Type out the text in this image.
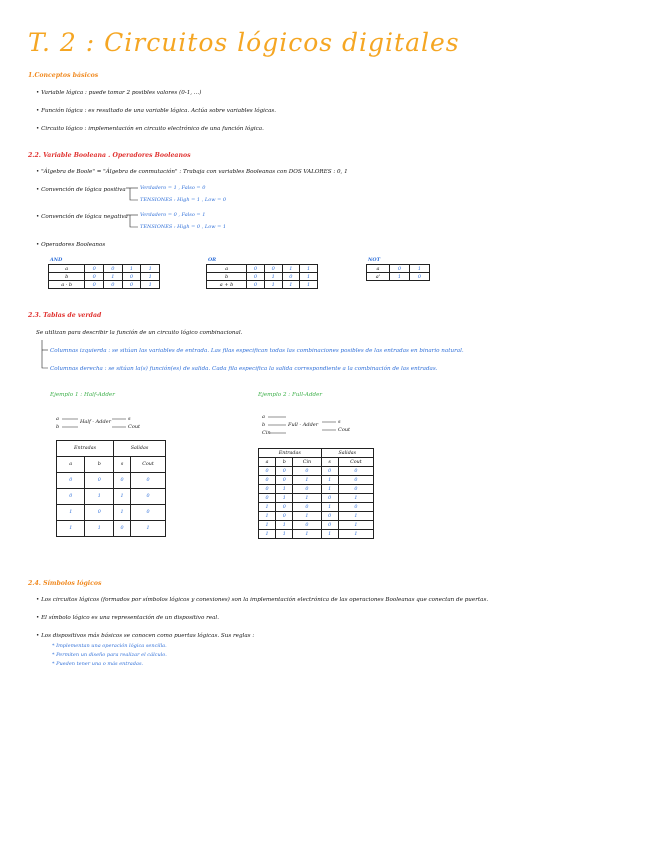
T. 2 : Circuitos lógicos digitales
1.Conceptos básicos
• Variable lógica : puede tomar 2 posibles valores (0-1, ...)
• Función lógica : es resultado de una variable lógica. Actúa sobre variables lógicas.
• Circuito lógico : implementación en circuito electrónico de una función lógica.
2.2. Variable Booleana . Operadores Booleanos
• "Álgebra de Boole" = "Álgebra de conmutación" : Trabaja con variables Booleanas con DOS VALORES : 0, 1
• Convención de lógica positiva	Verdadero = 1 , Falso = 0
TENSIONES : High = 1 , Low = 0
• Convención de lógica negativa Verdadero = 0 , Falso = 1
TENSIONES : High = 0 , Low = 1
• Operadores Booleanos
AND
a	0	0	1	1
b	0	1	0	1
a · b	0	0	0	1
OR
a	0	0	1	1
b	0	1	0	1
a + b	0	1	1	1
NOT
a	0	1
a'	1	0
2.3. Tablas de verdad
Se utilizan para describir la función de un circuito lógico combinacional.
Columnas izquierda : se sitúan las variables de entrada. Las filas especifican todas las combinaciones posibles de las entradas en binario natural.
Columnas derecha : se sitúan la(s) función(es) de salida. Cada fila especifica la salida correspondiente a la combinación de las entradas.
Ejemplo 1 : Half-Adder
a
b
Half - Adder	s
Cout
Entradas		Salidas	
a	b	s	Cout
0	0	0	0
0	1	1	0
1	0	1	0
1	1	0	1
Ejemplo 2 : Full-Adder
a
b
Cin
Full - Adder	s
Cout
Entradas			Salidas	
a	b	Cin	s	Cout
0	0	0	0	0
0	0	1	1	0
0	1	0	1	0
0	1	1	0	1
1	0	0	1	0
1	0	1	0	1
1	1	0	0	1
1	1	1	1	1
2.4. Símbolos lógicos
• Los circuitos lógicos (formados por símbolos lógicos y conexiones) son la implementación electrónica de las operaciones Booleanas que conectan de puertas.
• El símbolo lógico es una representación de un dispositivo real.
• Los dispositivos más básicos se conocen como puertas lógicas. Sus reglas :
* Implementan una operación lógica sencilla.
* Permiten un diseño para realizar el cálculo.
* Pueden tener una o más entradas.
